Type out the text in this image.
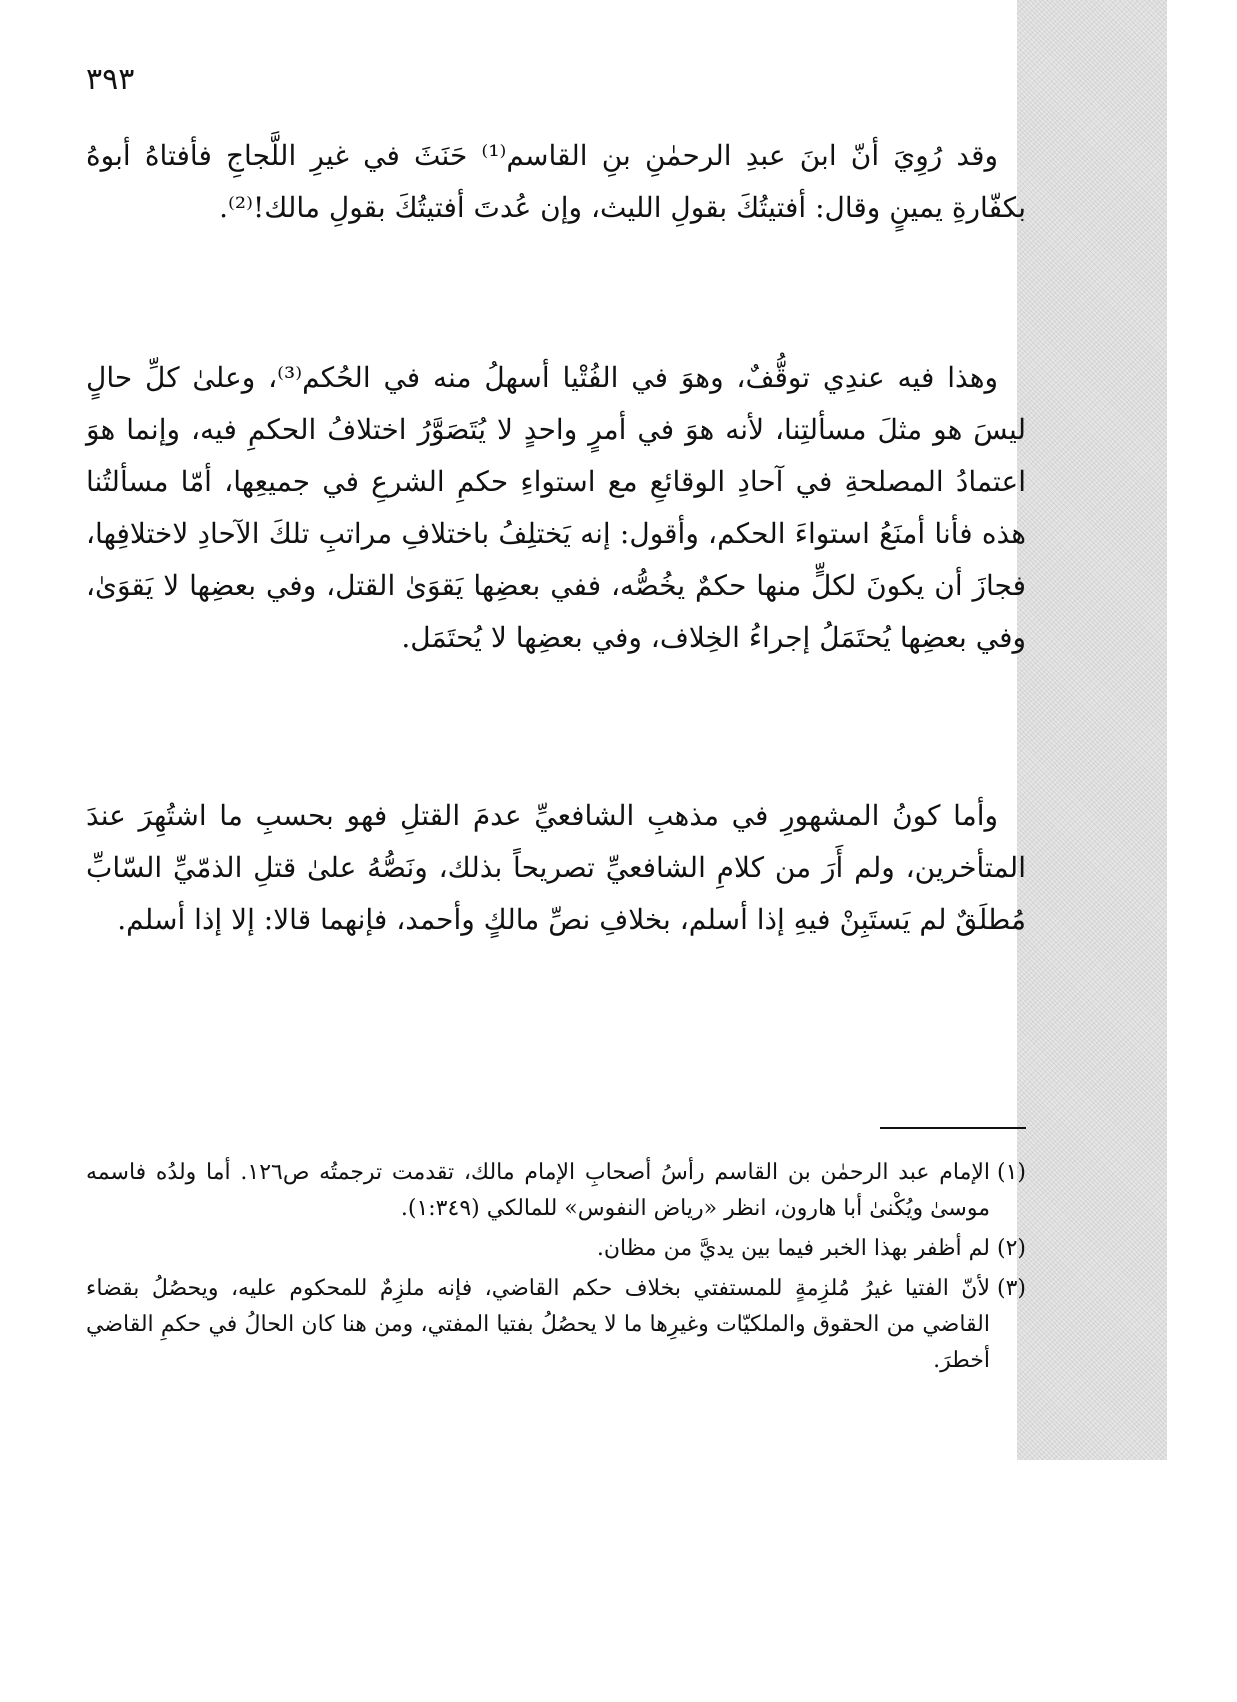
٣٩٣

وقد رُوِيَ أنّ ابنَ عبدِ الرحمٰنِ بنِ القاسم⁽¹⁾ حَنَثَ في غيرِ اللَّجاجِ فأفتاهُ أبوهُ بكفّارةِ يمينٍ وقال: أفتيتُكَ بقولِ الليث، وإن عُدتَ أفتيتُكَ بقولِ مالك!⁽²⁾.

وهذا فيه عندِي توقُّفٌ، وهوَ في الفُتْيا أسهلُ منه في الحُكم⁽³⁾، وعلىٰ كلِّ حالٍ ليسَ هو مثلَ مسألتِنا، لأنه هوَ في أمرٍ واحدٍ لا يُتَصَوَّرُ اختلافُ الحكمِ فيه، وإنما هوَ اعتمادُ المصلحةِ في آحادِ الوقائعِ مع استواءِ حكمِ الشرعِ في جميعِها، أمّا مسألتُنا هذه فأنا أمنَعُ استواءَ الحكم، وأقول: إنه يَختلِفُ باختلافِ مراتبِ تلكَ الآحادِ لاختلافِها، فجازَ أن يكونَ لكلٍّ منها حكمٌ يخُصُّه، ففي بعضِها يَقوَىٰ القتل، وفي بعضِها لا يَقوَىٰ، وفي بعضِها يُحتَمَلُ إجراءُ الخِلاف، وفي بعضِها لا يُحتَمَل.

وأما كونُ المشهورِ في مذهبِ الشافعيِّ عدمَ القتلِ فهو بحسبِ ما اشتُهِرَ عندَ المتأخرين، ولم أَرَ من كلامِ الشافعيِّ تصريحاً بذلك، ونَصُّهُ علىٰ قتلِ الذمّيِّ السّابِّ مُطلَقٌ لم يَستَبِنْ فيهِ إذا أسلم، بخلافِ نصِّ مالكٍ وأحمد، فإنهما قالا: إلا إذا أسلم.

(١)الإمام عبد الرحمٰن بن القاسم رأسُ أصحابِ الإمام مالك، تقدمت ترجمتُه ص١٢٦. أما ولدُه فاسمه موسىٰ ويُكْنىٰ أبا هارون، انظر «رياض النفوس» للمالكي (١:٣٤٩).

(٢)لم أظفر بهذا الخبر فيما بين يديَّ من مظان.

(٣)لأنّ الفتيا غيرُ مُلزِمةٍ للمستفتي بخلاف حكم القاضي، فإنه ملزِمٌ للمحكوم عليه، ويحصُلُ بقضاء القاضي من الحقوق والملكيّات وغيرِها ما لا يحصُلُ بفتيا المفتي، ومن هنا كان الحالُ في حكمِ القاضي أخطرَ.
